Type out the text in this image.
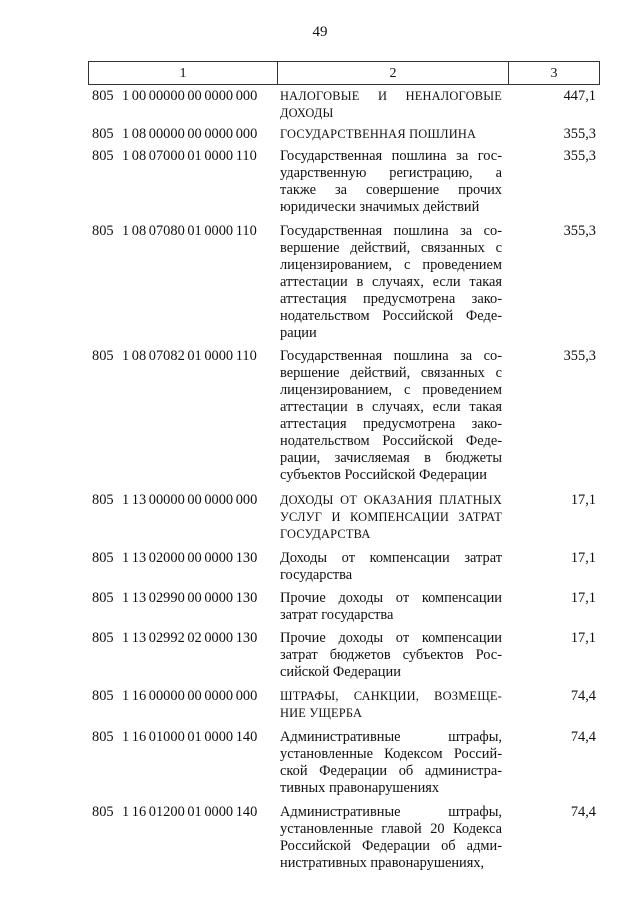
49
1	2	3
805 1 00 00000 00 0000 000 НАЛОГОВЫЕ И НЕНАЛОГОВЫЕ
ДОХОДЫ
447,1
805 1 08 00000 00 0000 000 ГОСУДАРСТВЕННАЯ ПОШЛИНА	355,3
805 1 08 07000 01 0000 110 Государственная пошлина за гос-
ударственную регистрацию, а
также за совершение прочих
юридически значимых действий
355,3
805 1 08 07080 01 0000 110 Государственная пошлина за со-
вершение действий, связанных с
лицензированием, с проведением
аттестации в случаях, если такая
аттестация предусмотрена зако-
нодательством Российской Феде-
рации
355,3
805 1 08 07082 01 0000 110 Государственная пошлина за со-
вершение действий, связанных с
лицензированием, с проведением
аттестации в случаях, если такая
аттестация предусмотрена зако-
нодательством Российской Феде-
рации, зачисляемая в бюджеты
субъектов Российской Федерации
355,3
805 1 13 00000 00 0000 000 ДОХОДЫ ОТ ОКАЗАНИЯ ПЛАТНЫХ
УСЛУГ И КОМПЕНСАЦИИ ЗАТРАТ
ГОСУДАРСТВА
17,1
805 1 13 02000 00 0000 130 Доходы от компенсации затрат
государства
17,1
805 1 13 02990 00 0000 130 Прочие доходы от компенсации
затрат государства
17,1
805 1 13 02992 02 0000 130 Прочие доходы от компенсации
затрат бюджетов субъектов Рос-
сийской Федерации
17,1
805 1 16 00000 00 0000 000 ШТРАФЫ, САНКЦИИ, ВОЗМЕЩЕ-
НИЕ УЩЕРБА
74,4
805 1 16 01000 01 0000 140 Административные штрафы,
установленные Кодексом Россий-
ской Федерации об администра-
тивных правонарушениях
74,4
805 1 16 01200 01 0000 140 Административные штрафы,
установленные главой 20 Кодекса
Российской Федерации об адми-
нистративных правонарушениях,
74,4
